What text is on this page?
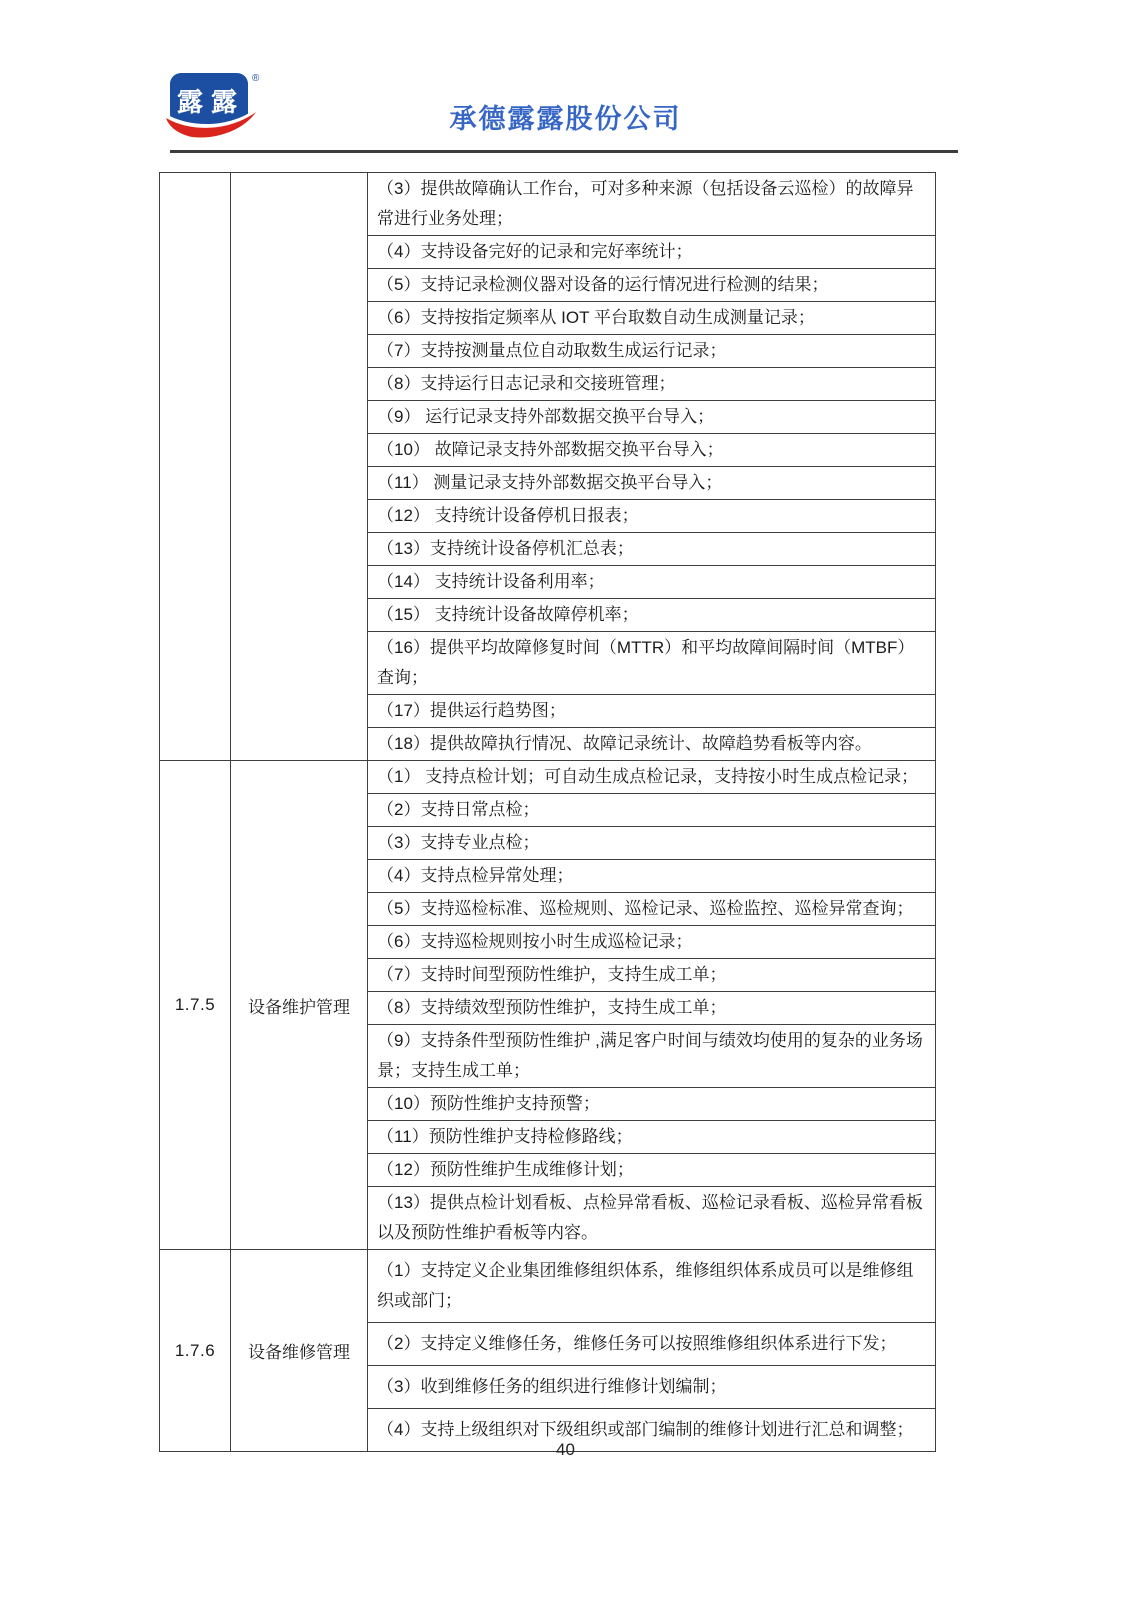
露 露
®
承德露露股份公司
		（3）提供故障确认工作台，可对多种来源（包括设备云巡检）的故障异常进行业务处理；
		（4）支持设备完好的记录和完好率统计；
		（5）支持记录检测仪器对设备的运行情况进行检测的结果；
		（6）支持按指定频率从 IOT 平台取数自动生成测量记录；
		（7）支持按测量点位自动取数生成运行记录；
		（8）支持运行日志记录和交接班管理；
		（9） 运行记录支持外部数据交换平台导入；
		（10） 故障记录支持外部数据交换平台导入；
		（11） 测量记录支持外部数据交换平台导入；
		（12） 支持统计设备停机日报表；
		（13）支持统计设备停机汇总表；
		（14） 支持统计设备利用率；
		（15） 支持统计设备故障停机率；
		（16）提供平均故障修复时间（MTTR）和平均故障间隔时间（MTBF）查询；
		（17）提供运行趋势图；
		（18）提供故障执行情况、故障记录统计、故障趋势看板等内容。
1.7.5	设备维护管理	（1） 支持点检计划；可自动生成点检记录，支持按小时生成点检记录；
		（2）支持日常点检；
		（3）支持专业点检；
		（4）支持点检异常处理；
		（5）支持巡检标准、巡检规则、巡检记录、巡检监控、巡检异常查询；
		（6）支持巡检规则按小时生成巡检记录；
		（7）支持时间型预防性维护，支持生成工单；
		（8）支持绩效型预防性维护，支持生成工单；
		（9）支持条件型预防性维护 ,满足客户时间与绩效均使用的复杂的业务场景；支持生成工单；
		（10）预防性维护支持预警；
		（11）预防性维护支持检修路线；
		（12）预防性维护生成维修计划；
		（13）提供点检计划看板、点检异常看板、巡检记录看板、巡检异常看板以及预防性维护看板等内容。
1.7.6	设备维修管理	（1）支持定义企业集团维修组织体系，维修组织体系成员可以是维修组织或部门；
		（2）支持定义维修任务，维修任务可以按照维修组织体系进行下发；
		（3）收到维修任务的组织进行维修计划编制；
		（4）支持上级组织对下级组织或部门编制的维修计划进行汇总和调整；
40
